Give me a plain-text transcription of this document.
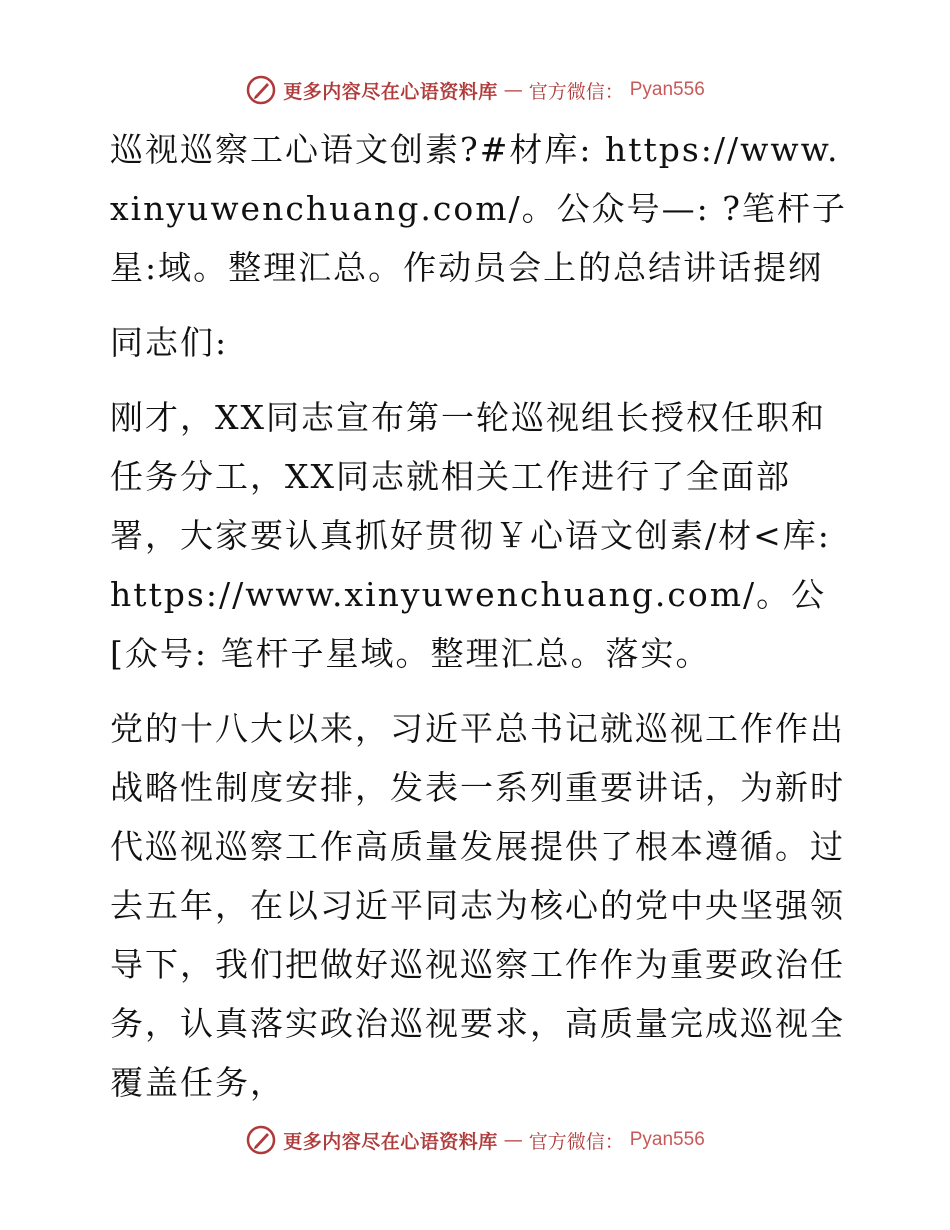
更多内容尽在心语资料库 — 官方微信： Pyan556

巡视巡察工心语文创素?#材库: https://www.xinyuwenchuang.com/。公众号—: ?笔杆子星:域。整理汇总。作动员会上的总结讲话提纲

同志们:

刚才，XX同志宣布第一轮巡视组长授权任职和任务分工，XX同志就相关工作进行了全面部署，大家要认真抓好贯彻￥心语文创素/材<库: https://www.xinyuwenchuang.com/。公[众号: 笔杆子星域。整理汇总。落实。

党的十八大以来，习近平总书记就巡视工作作出战略性制度安排，发表一系列重要讲话，为新时代巡视巡察工作高质量发展提供了根本遵循。过去五年，在以习近平同志为核心的党中央坚强领导下，我们把做好巡视巡察工作作为重要政治任务，认真落实政治巡视要求，高质量完成巡视全覆盖任务，

更多内容尽在心语资料库 — 官方微信： Pyan556
